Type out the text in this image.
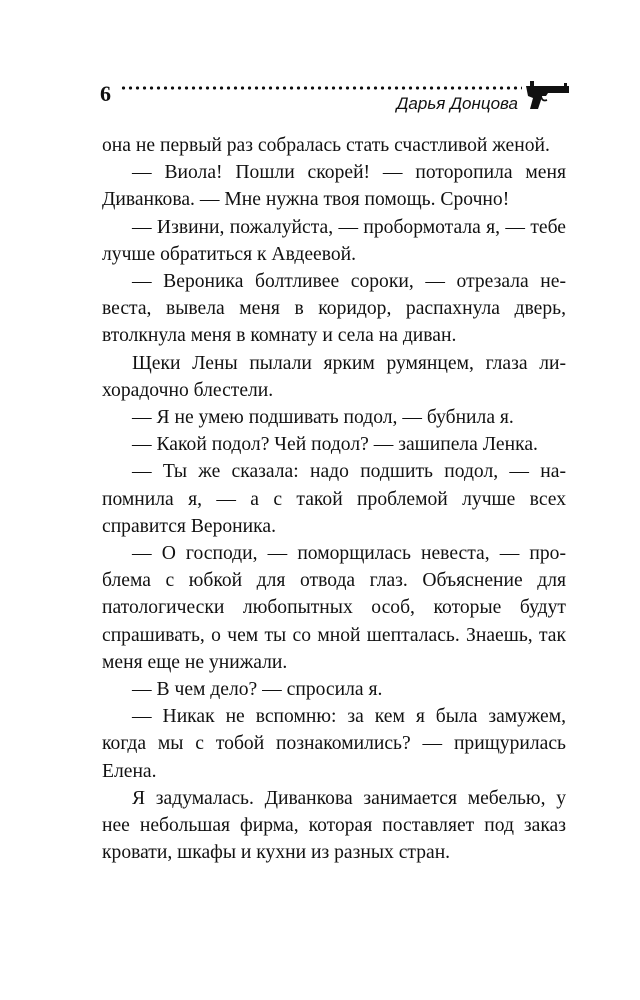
6	Дарья Донцова

она не первый раз собралась стать счастливой женой.

— Виола! Пошли скорей! — поторопила меня Диванкова. — Мне нужна твоя помощь. Срочно!

— Извини, пожалуйста, — пробормотала я, — тебе лучше обратиться к Авдеевой.

— Вероника болтливее сороки, — отрезала невеста, вывела меня в коридор, распахнула дверь, втолкнула меня в комнату и села на диван.

Щеки Лены пылали ярким румянцем, глаза лихорадочно блестели.

— Я не умею подшивать подол, — бубнила я.

— Какой подол? Чей подол? — зашипела Ленка.

— Ты же сказала: надо подшить подол, — напомнила я, — а с такой проблемой лучше всех справится Вероника.

— О господи, — поморщилась невеста, — проблема с юбкой для отвода глаз. Объяснение для патологически любопытных особ, которые будут спрашивать, о чем ты со мной шепталась. Знаешь, так меня еще не унижали.

— В чем дело? — спросила я.

— Никак не вспомню: за кем я была замужем, когда мы с тобой познакомились? — прищурилась Елена.

Я задумалась. Диванкова занимается мебелью, у нее небольшая фирма, которая поставляет под заказ кровати, шкафы и кухни из разных стран.
